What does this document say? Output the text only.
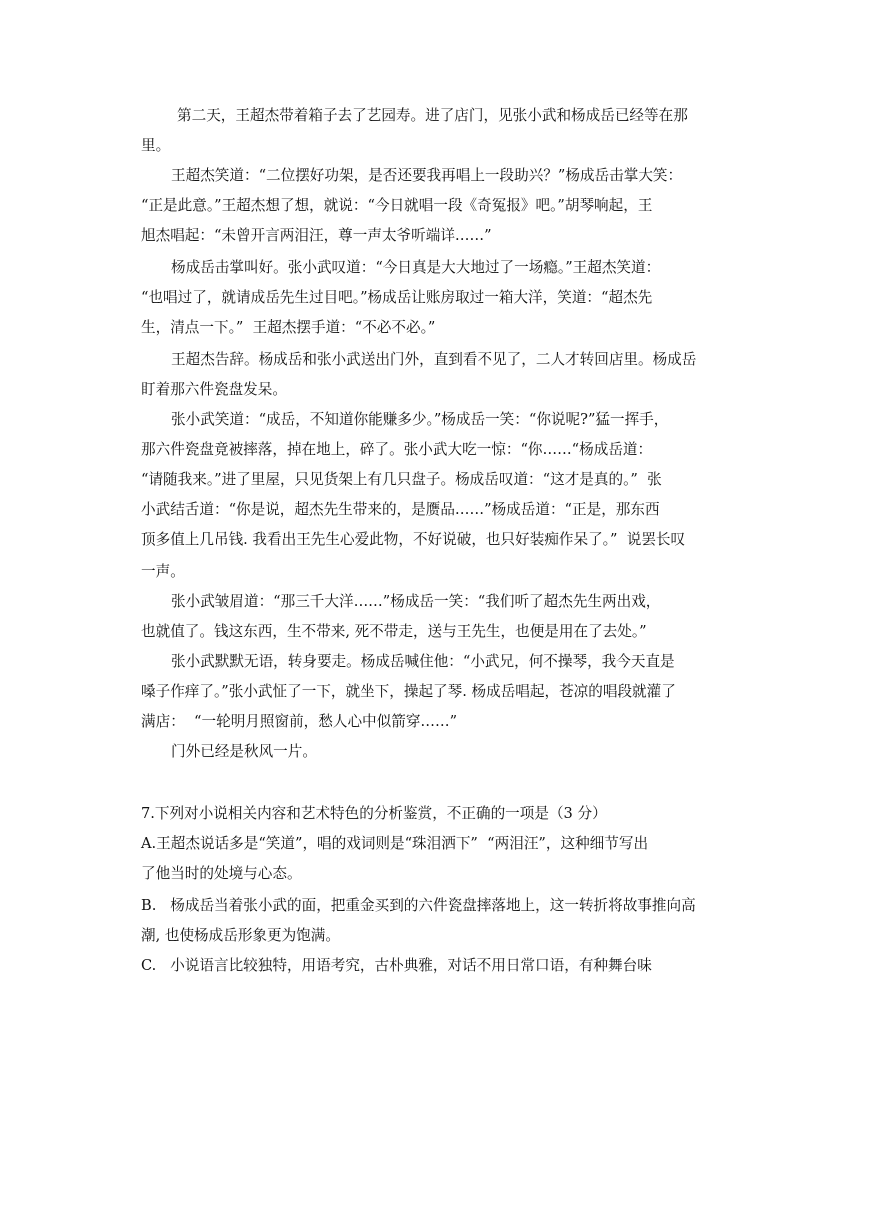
第二天，王超杰带着箱子去了艺园寿。进了店门，见张小武和杨成岳已经等在那
里。
王超杰笑道：“二位摆好功架，是否还要我再唱上一段助兴？”杨成岳击掌大笑：
“正是此意。”王超杰想了想，就说：“今日就唱一段《奇冤报》吧。”胡琴响起，王
旭杰唱起：“未曾开言两泪汪，尊一声太爷听端详……”
杨成岳击掌叫好。张小武叹道：“今日真是大大地过了一场瘾。”王超杰笑道：
“也唱过了，就请成岳先生过目吧。”杨成岳让账房取过一箱大洋，笑道：“超杰先
生，清点一下。”  王超杰摆手道：“不必不必。”
王超杰告辞。杨成岳和张小武送出门外，直到看不见了，二人才转回店里。杨成岳
盯着那六件瓷盘发呆。
张小武笑道：“成岳，不知道你能赚多少。”杨成岳一笑：“你说呢?”猛一挥手，
那六件瓷盘竟被摔落，掉在地上，碎了。张小武大吃一惊：“你……“杨成岳道：
“请随我来。”进了里屋，只见货架上有几只盘子。杨成岳叹道：“这才是真的。”  张
小武结舌道：“你是说，超杰先生带来的，是赝品……”杨成岳道：“正是，那东西
顶多值上几吊钱. 我看出王先生心爱此物，不好说破，也只好装痴作呆了。”  说罢长叹
一声。
张小武皱眉道：“那三千大洋……”杨成岳一笑：“我们听了超杰先生两出戏，
也就值了。钱这东西，生不带来, 死不带走，送与王先生，也便是用在了去处。”
张小武默默无语，转身要走。杨成岳喊住他：“小武兄，何不操琴，我今天直是
嗓子作痒了。”张小武怔了一下，就坐下，操起了琴. 杨成岳唱起，苍凉的唱段就灌了
满店：  “一轮明月照窗前，愁人心中似箭穿……”
门外已经是秋风一片。
7.下列对小说相关内容和艺术特色的分析鉴赏，不正确的一项是（3 分）
A.王超杰说话多是“笑道”，唱的戏词则是“珠泪洒下”  “两泪汪”，这种细节写出
了他当时的处境与心态。
B.   杨成岳当着张小武的面，把重金买到的六件瓷盘摔落地上，这一转折将故事推向高
潮, 也使杨成岳形象更为饱满。
C.   小说语言比较独特，用语考究，古朴典雅，对话不用日常口语，有种舞台味
